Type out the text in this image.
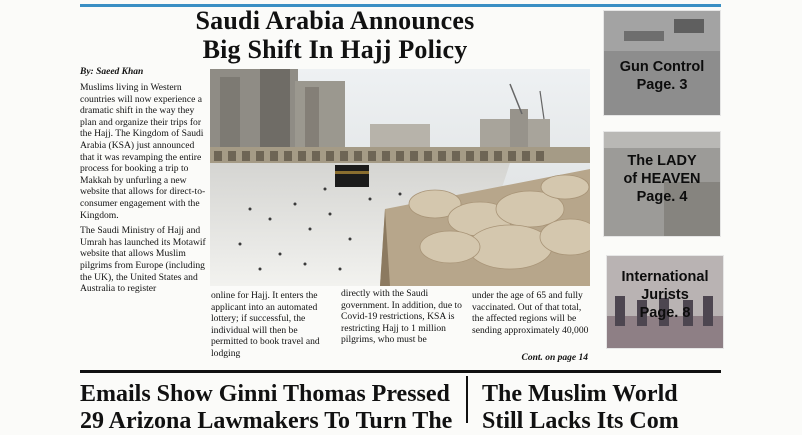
Saudi Arabia Announces
Big Shift In Hajj Policy
By: Saeed Khan

Muslims living in Western countries will now experience a dramatic shift in the way they plan and organize their trips for the Hajj. The Kingdom of Saudi Arabia (KSA) just announced that it was revamping the entire process for booking a trip to Makkah by unfurling a new website that allows for direct-to-consumer engagement with the Kingdom.

The Saudi Ministry of Hajj and Umrah has launched its Motawif website that allows Muslim pilgrims from Europe (including the UK), the United States and Australia to register

online for Hajj. It enters the applicant into an automated lottery; if successful, the individual will then be permitted to book travel and lodging
directly with the Saudi government. In addition, due to Covid-19 restrictions, KSA is restricting Hajj to 1 million pilgrims, who must be
under the age of 65 and fully vaccinated. Out of that total, the affected regions will be sending approximately 40,000
Cont. on page 14
Gun Control
Page. 3
The LADY
of HEAVEN
Page. 4
International
Jurists
Page. 8
Emails Show Ginni Thomas Pressed
29 Arizona Lawmakers To Turn The
The Muslim World
Still Lacks Its Com
